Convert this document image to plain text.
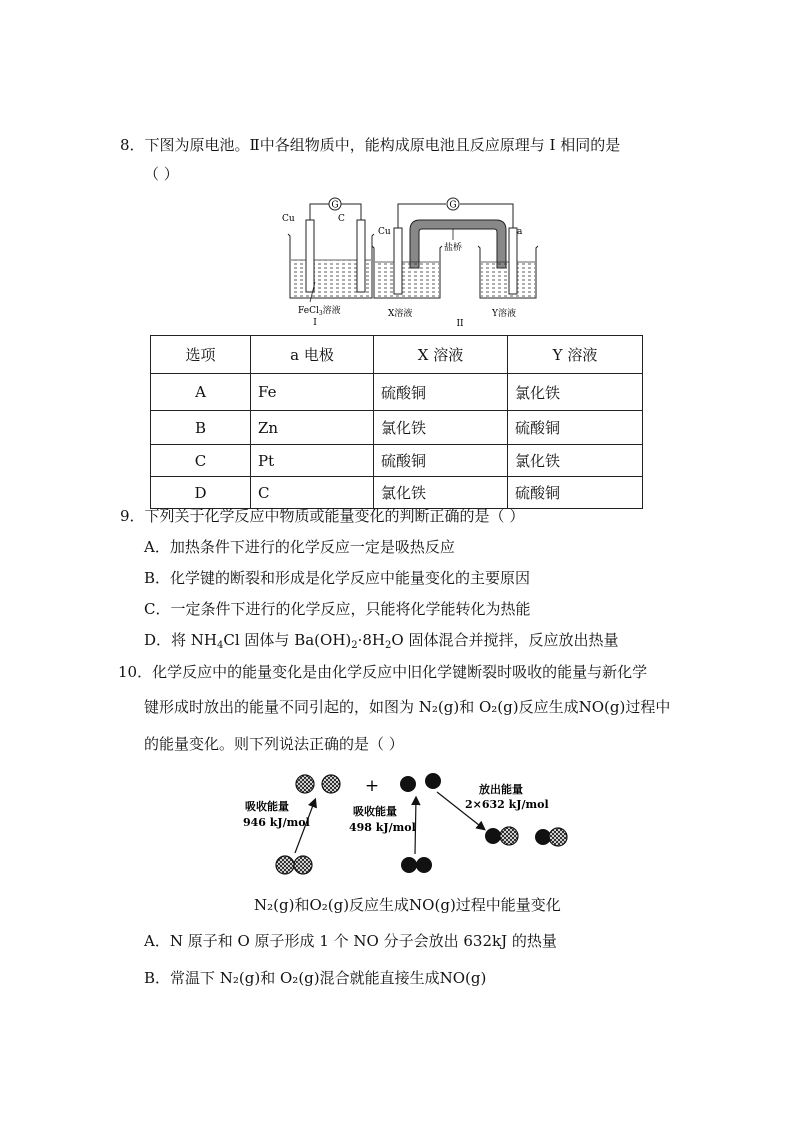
8．下图为原电池。Ⅱ中各组物质中，能构成原电池且反应原理与 Ⅰ 相同的是
（ ）
G
Cu	C
FeCl$_3$溶液
I
G
Cu	a
盐桥
X溶液	Y溶液
II
选项	a 电极	X 溶液	Y 溶液
A	Fe	硫酸铜	氯化铁
B	Zn	氯化铁	硫酸铜
C	Pt	硫酸铜	氯化铁
D	C	氯化铁	硫酸铜
9．下列关于化学反应中物质或能量变化的判断正确的是（ ）
A．加热条件下进行的化学反应一定是吸热反应
B．化学键的断裂和形成是化学反应中能量变化的主要原因
C．一定条件下进行的化学反应，只能将化学能转化为热能
D．将 $NH_4Cl$ 固体与 $Ba(OH)_2\cdot 8H_2O$ 固体混合并搅拌，反应放出热量
10．化学反应中的能量变化是由化学反应中旧化学键断裂时吸收的能量与新化学
键形成时放出的能量不同引起的，如图为 N₂(g)和 O₂(g)反应生成NO(g)过程中
的能量变化。则下列说法正确的是（ ）
+
吸收能量
946 kJ/mol
吸收能量
498 kJ/mol
放出能量
2×632 kJ/mol
N₂(g)和O₂(g)反应生成NO(g)过程中能量变化
A．N 原子和 O 原子形成 1 个 NO 分子会放出 632kJ 的热量
B．常温下 N₂(g)和 O₂(g)混合就能直接生成NO(g)
